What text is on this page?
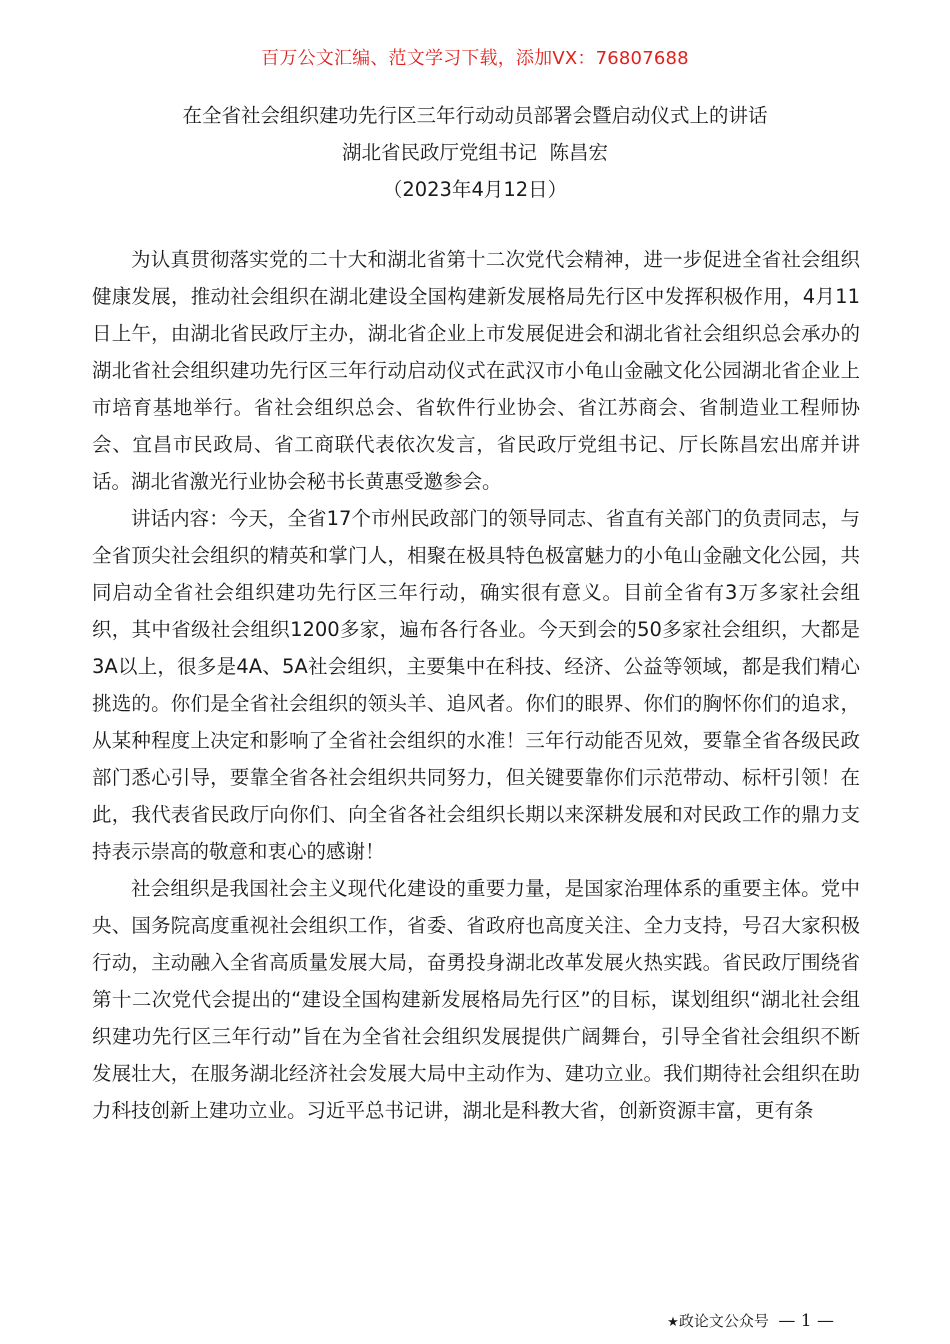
百万公文汇编、范文学习下载，添加VX：76807688
在全省社会组织建功先行区三年行动动员部署会暨启动仪式上的讲话
湖北省民政厅党组书记  陈昌宏
（2023年4月12日）

为认真贯彻落实党的二十大和湖北省第十二次党代会精神，进一步促进全省社会组织健康发展，推动社会组织在湖北建设全国构建新发展格局先行区中发挥积极作用，4月11日上午，由湖北省民政厅主办，湖北省企业上市发展促进会和湖北省社会组织总会承办的湖北省社会组织建功先行区三年行动启动仪式在武汉市小龟山金融文化公园湖北省企业上市培育基地举行。省社会组织总会、省软件行业协会、省江苏商会、省制造业工程师协会、宜昌市民政局、省工商联代表依次发言，省民政厅党组书记、厅长陈昌宏出席并讲话。湖北省激光行业协会秘书长黄惠受邀参会。

讲话内容：今天，全省17个市州民政部门的领导同志、省直有关部门的负责同志，与全省顶尖社会组织的精英和掌门人，相聚在极具特色极富魅力的小龟山金融文化公园，共同启动全省社会组织建功先行区三年行动，确实很有意义。目前全省有3万多家社会组织，其中省级社会组织1200多家，遍布各行各业。今天到会的50多家社会组织，大都是3A以上，很多是4A、5A社会组织，主要集中在科技、经济、公益等领域，都是我们精心挑选的。你们是全省社会组织的领头羊、追风者。你们的眼界、你们的胸怀你们的追求，从某种程度上决定和影响了全省社会组织的水准！三年行动能否见效，要靠全省各级民政部门悉心引导，要靠全省各社会组织共同努力，但关键要靠你们示范带动、标杆引领！在此，我代表省民政厅向你们、向全省各社会组织长期以来深耕发展和对民政工作的鼎力支持表示崇高的敬意和衷心的感谢！

社会组织是我国社会主义现代化建设的重要力量，是国家治理体系的重要主体。党中央、国务院高度重视社会组织工作，省委、省政府也高度关注、全力支持，号召大家积极行动，主动融入全省高质量发展大局，奋勇投身湖北改革发展火热实践。省民政厅围绕省第十二次党代会提出的“建设全国构建新发展格局先行区”的目标，谋划组织“湖北社会组织建功先行区三年行动”旨在为全省社会组织发展提供广阔舞台，引导全省社会组织不断发展壮大，在服务湖北经济社会发展大局中主动作为、建功立业。我们期待社会组织在助力科技创新上建功立业。习近平总书记讲，湖北是科教大省，创新资源丰富，更有条

★政论文公众号 — 1 —
